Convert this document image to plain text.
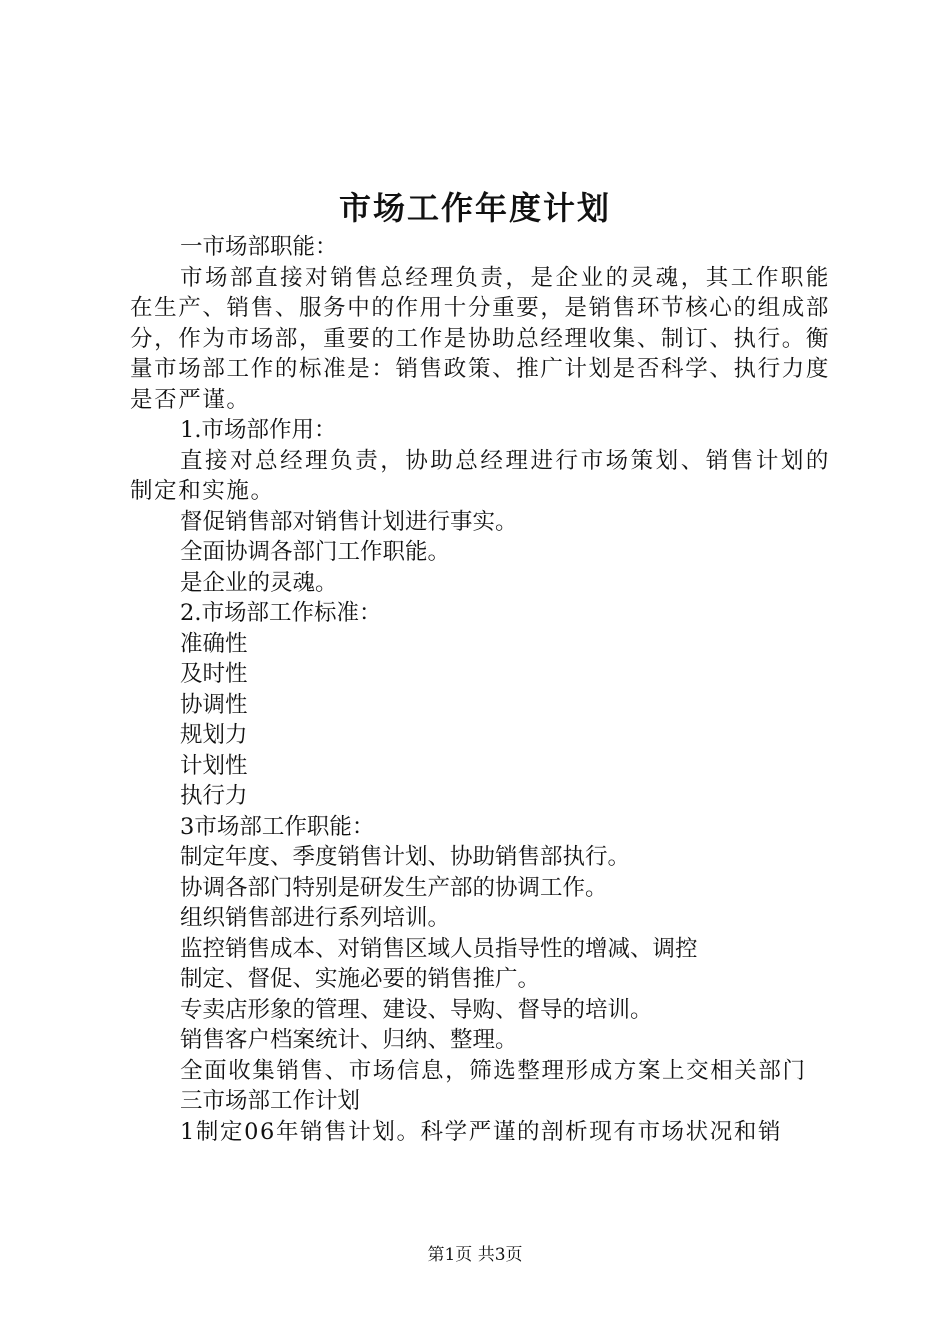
市场工作年度计划

一市场部职能：

市场部直接对销售总经理负责，是企业的灵魂，其工作职能在生产、销售、服务中的作用十分重要，是销售环节核心的组成部分，作为市场部，重要的工作是协助总经理收集、制订、执行。衡量市场部工作的标准是：销售政策、推广计划是否科学、执行力度是否严谨。

1.市场部作用：

直接对总经理负责，协助总经理进行市场策划、销售计划的制定和实施。

督促销售部对销售计划进行事实。

全面协调各部门工作职能。

是企业的灵魂。

2.市场部工作标准：

准确性

及时性

协调性

规划力

计划性

执行力

3市场部工作职能：

制定年度、季度销售计划、协助销售部执行。

协调各部门特别是研发生产部的协调工作。

组织销售部进行系列培训。

监控销售成本、对销售区域人员指导性的增减、调控

制定、督促、实施必要的销售推广。

专卖店形象的管理、建设、导购、督导的培训。

销售客户档案统计、归纳、整理。

全面收集销售、市场信息，筛选整理形成方案上交相关部门

三市场部工作计划

1制定06年销售计划。科学严谨的剖析现有市场状况和销

第1页 共3页
